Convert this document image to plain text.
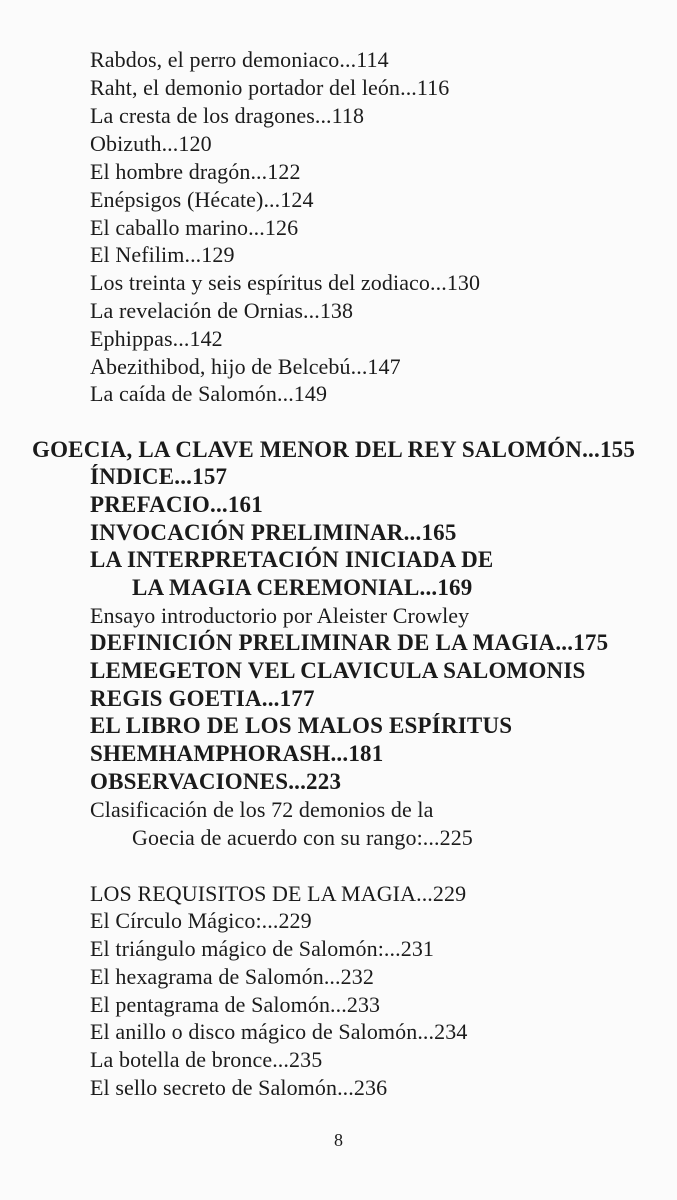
Rabdos, el perro demoniaco...114
Raht, el demonio portador del león...116
La cresta de los dragones...118
Obizuth...120
El hombre dragón...122
Enépsigos (Hécate)...124
El caballo marino...126
El Nefilim...129
Los treinta y seis espíritus del zodiaco...130
La revelación de Ornias...138
Ephippas...142
Abezithibod, hijo de Belcebú...147
La caída de Salomón...149
GOECIA, LA CLAVE MENOR DEL REY SALOMÓN...155
ÍNDICE...157
PREFACIO...161
INVOCACIÓN PRELIMINAR...165
LA INTERPRETACIÓN INICIADA DE
LA MAGIA CEREMONIAL...169
Ensayo introductorio por Aleister Crowley
DEFINICIÓN PRELIMINAR DE LA MAGIA...175
LEMEGETON VEL CLAVICULA SALOMONIS
REGIS GOETIA...177
EL LIBRO DE LOS MALOS ESPÍRITUS
SHEMHAMPHORASH...181
OBSERVACIONES...223
Clasificación de los 72 demonios de la
Goecia de acuerdo con su rango:...225
LOS REQUISITOS DE LA MAGIA...229
El Círculo Mágico:...229
El triángulo mágico de Salomón:...231
El hexagrama de Salomón...232
El pentagrama de Salomón...233
El anillo o disco mágico de Salomón...234
La botella de bronce...235
El sello secreto de Salomón...236
8
